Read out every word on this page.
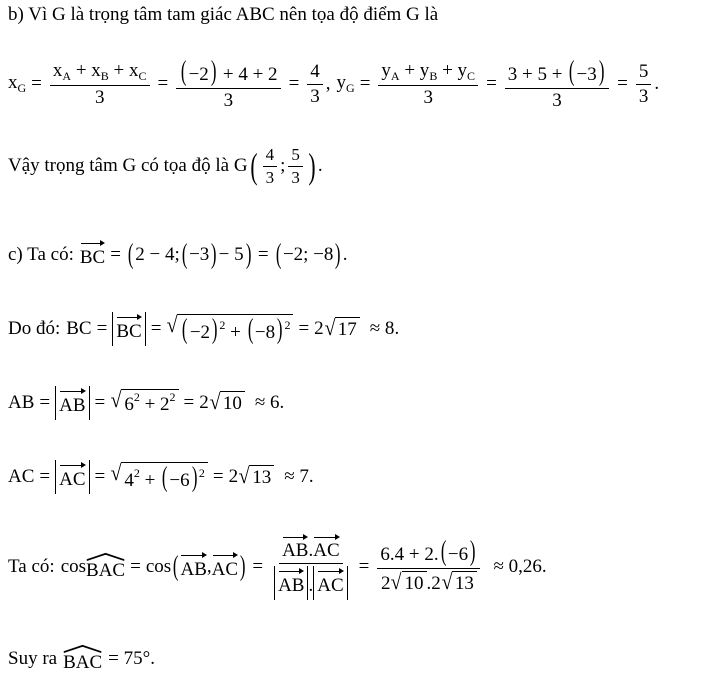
b) Vì G là trọng tâm tam giác ABC nên tọa độ điểm G là
$x_G = \frac{x_A + x_B + x_C}{3} = \frac{(-2) + 4 + 2}{3} = \frac{4}{3}$ , $y_G = \frac{y_A + y_B + y_C}{3} = \frac{3 + 5 + (-3)}{3} = \frac{5}{3}$ .
Vậy trọng tâm G có tọa độ là G ( $\frac{4}{3}$ ; $\frac{5}{3}$ ) .
c) Ta có: BC = ( 2 − 4; ( −3 ) − 5 ) = ( −2; −8 ) .
Do đó: BC = BC = √ (−2) $^2$ + (−8) $^2$ = 2 √ 17 ≈ 8 .
AB = AB = √ $6^2 + 2^2 = 2$ √ 10 ≈ 6 .
AC = AC = √ $4^2 + (-6) ^2 = 2$ √ 13 ≈ 7 .
Ta có: cos BAC = cos ( AB , AC ) = $\frac{AB.AC}{AB . AC} = \frac{6.4 + 2.(-6)}{2 √ 10 .2 √ 13} \approx 0,26$ .
Suy ra BAC = 75° .
